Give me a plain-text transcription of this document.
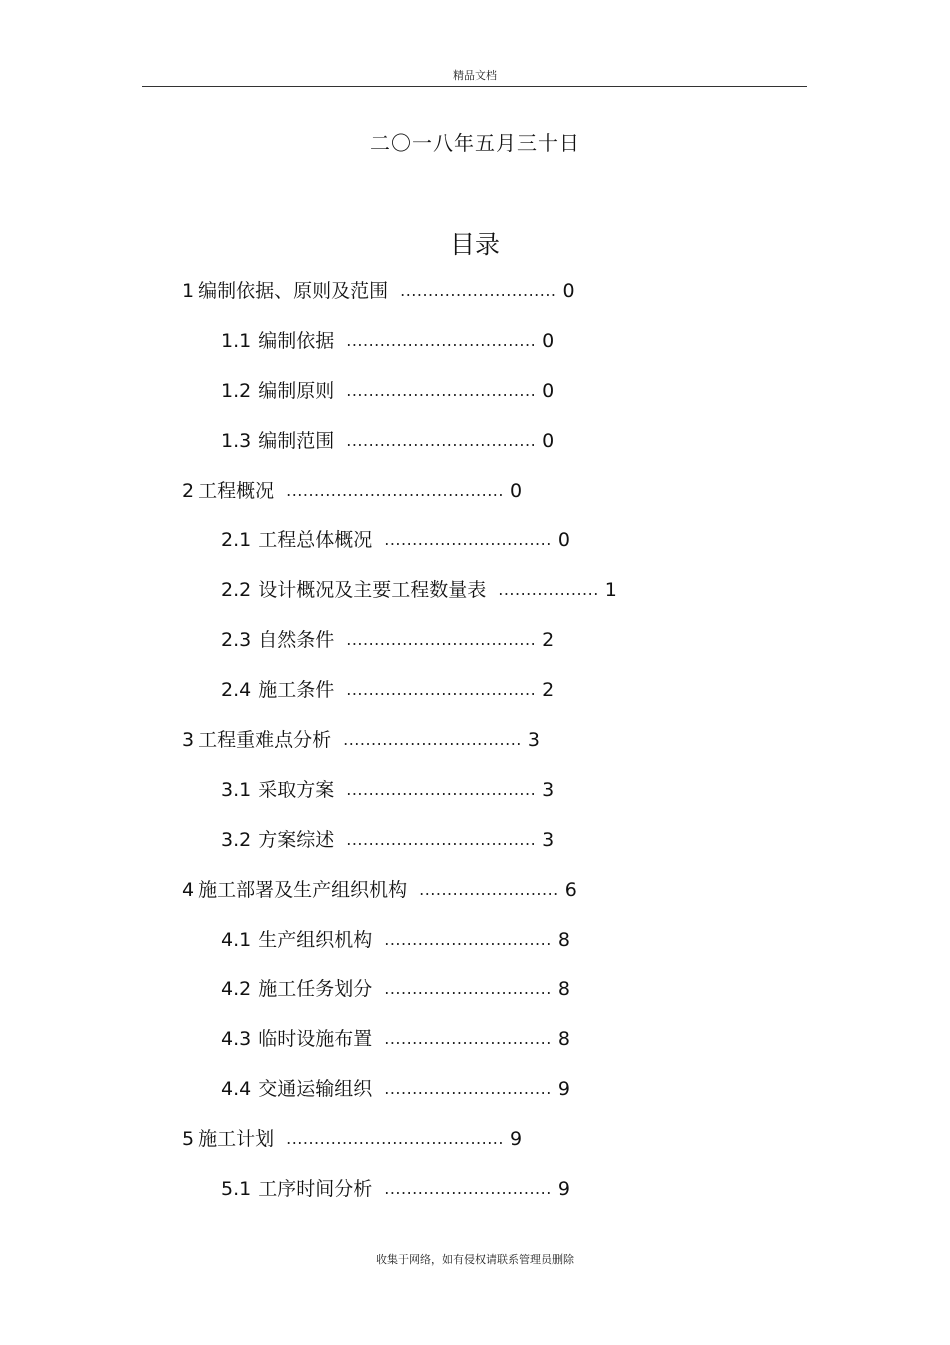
精品文档
二〇一八年五月三十日
目录
1 编制依据、原则及范围 ............................ 0
1.1 编制依据 .................................. 0
1.2 编制原则 .................................. 0
1.3 编制范围 .................................. 0
2 工程概况 ....................................... 0
2.1 工程总体概况 .............................. 0
2.2 设计概况及主要工程数量表 .................. 1
2.3 自然条件 .................................. 2
2.4 施工条件 .................................. 2
3 工程重难点分析 ................................ 3
3.1 采取方案 .................................. 3
3.2 方案综述 .................................. 3
4 施工部署及生产组织机构 ......................... 6
4.1 生产组织机构 .............................. 8
4.2 施工任务划分 .............................. 8
4.3 临时设施布置 .............................. 8
4.4 交通运输组织 .............................. 9
5 施工计划 ....................................... 9
5.1 工序时间分析 .............................. 9
收集于网络，如有侵权请联系管理员删除
